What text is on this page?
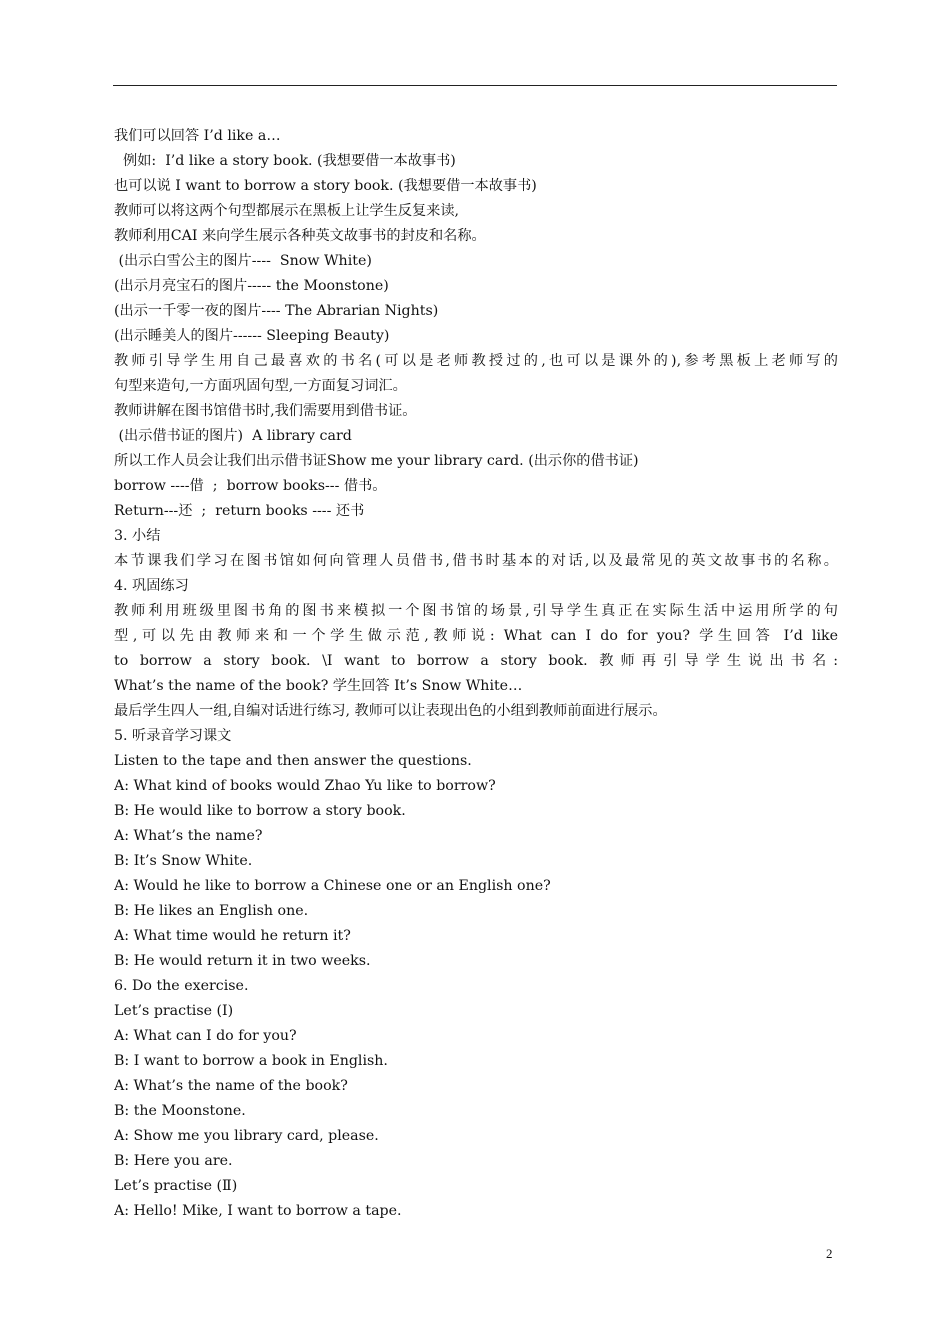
我们可以回答 I’d like a…
例如:  I’d like a story book. (我想要借一本故事书)
也可以说 I want to borrow a story book. (我想要借一本故事书)
教师可以将这两个句型都展示在黑板上让学生反复来读,
教师利用CAI 来向学生展示各种英文故事书的封皮和名称。
(出示白雪公主的图片----  Snow White)
(出示月亮宝石的图片----- the Moonstone)
(出示一千零一夜的图片---- The Abrarian Nights)
(出示睡美人的图片------ Sleeping Beauty)
教师引导学生用自己最喜欢的书名(可以是老师教授过的,也可以是课外的),参考黑板上老师写的
句型来造句,一方面巩固句型,一方面复习词汇。
教师讲解在图书馆借书时,我们需要用到借书证。
(出示借书证的图片)  A library card
所以工作人员会让我们出示借书证Show me your library card. (出示你的借书证)
borrow ----借  ;  borrow books--- 借书。
Return---还  ;  return books ---- 还书
3. 小结
本节课我们学习在图书馆如何向管理人员借书,借书时基本的对话,以及最常见的英文故事书的名称。
4. 巩固练习
教师利用班级里图书角的图书来模拟一个图书馆的场景,引导学生真正在实际生活中运用所学的句
型,可以先由教师来和一个学生做示范,教师说: What can I do for you? 学生回答 I’d like
to borrow a story book. \I want to borrow a story book. 教师再引导学生说出书名:
What’s the name of the book? 学生回答 It’s Snow White…
最后学生四人一组,自编对话进行练习, 教师可以让表现出色的小组到教师前面进行展示。
5. 听录音学习课文
Listen to the tape and then answer the questions.
A: What kind of books would Zhao Yu like to borrow?
B: He would like to borrow a story book.
A: What’s the name?
B: It’s Snow White.
A: Would he like to borrow a Chinese one or an English one?
B: He likes an English one.
A: What time would he return it?
B: He would return it in two weeks.
6. Do the exercise.
Let’s practise (Ⅰ)
A: What can I do for you?
B: I want to borrow a book in English.
A: What’s the name of the book?
B: the Moonstone.
A: Show me you library card, please.
B: Here you are.
Let’s practise (Ⅱ)
A: Hello! Mike, I want to borrow a tape.
2
